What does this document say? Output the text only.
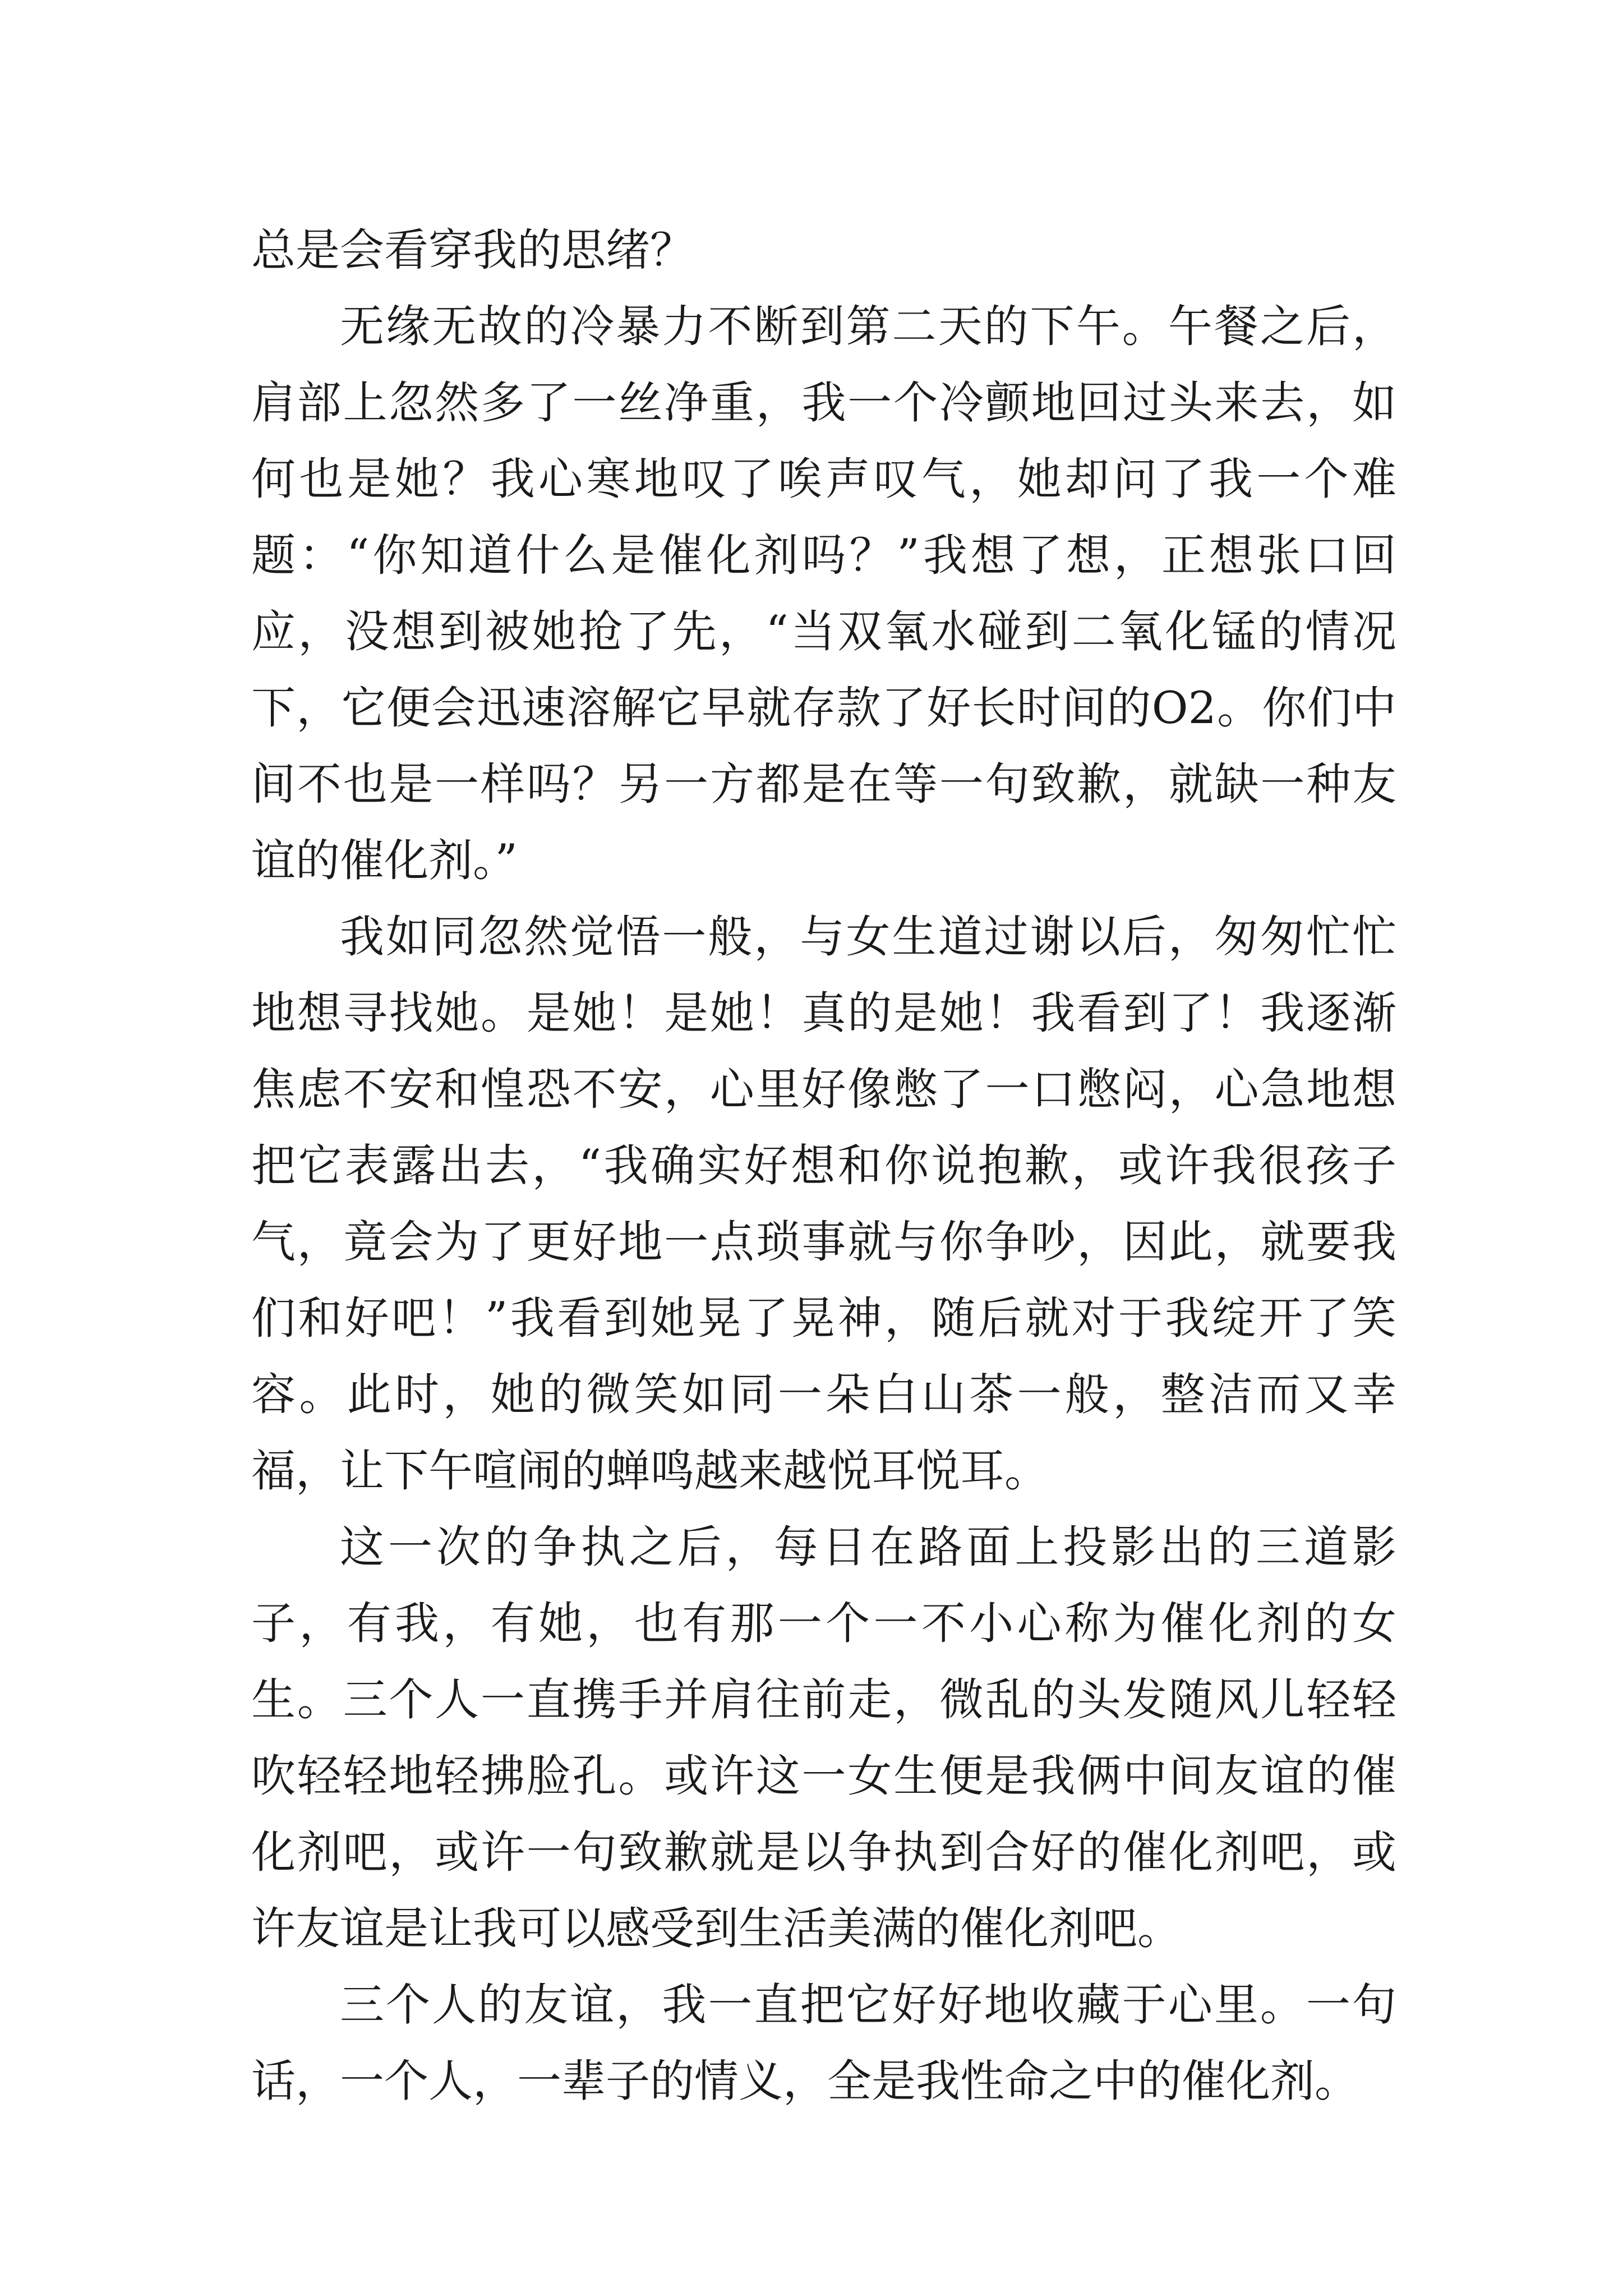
总是会看穿我的思绪？

无缘无故的冷暴力不断到第二天的下午。午餐之后，肩部上忽然多了一丝净重，我一个冷颤地回过头来去，如何也是她？我心寒地叹了唉声叹气，她却问了我一个难题：“你知道什么是催化剂吗？”我想了想，正想张口回应，没想到被她抢了先，“当双氧水碰到二氧化锰的情况下，它便会迅速溶解它早就存款了好长时间的O2。你们中间不也是一样吗？另一方都是在等一句致歉，就缺一种友谊的催化剂。”

我如同忽然觉悟一般，与女生道过谢以后，匆匆忙忙地想寻找她。是她！是她！真的是她！我看到了！我逐渐焦虑不安和惶恐不安，心里好像憋了一口憋闷，心急地想把它表露出去，“我确实好想和你说抱歉，或许我很孩子气，竟会为了更好地一点琐事就与你争吵，因此，就要我们和好吧！”我看到她晃了晃神，随后就对于我绽开了笑容。此时，她的微笑如同一朵白山茶一般，整洁而又幸福，让下午喧闹的蝉鸣越来越悦耳悦耳。

这一次的争执之后，每日在路面上投影出的三道影子，有我，有她，也有那一个一不小心称为催化剂的女生。三个人一直携手并肩往前走，微乱的头发随风儿轻轻吹轻轻地轻拂脸孔。或许这一女生便是我俩中间友谊的催化剂吧，或许一句致歉就是以争执到合好的催化剂吧，或许友谊是让我可以感受到生活美满的催化剂吧。

三个人的友谊，我一直把它好好地收藏于心里。一句话，一个人，一辈子的情义，全是我性命之中的催化剂。
